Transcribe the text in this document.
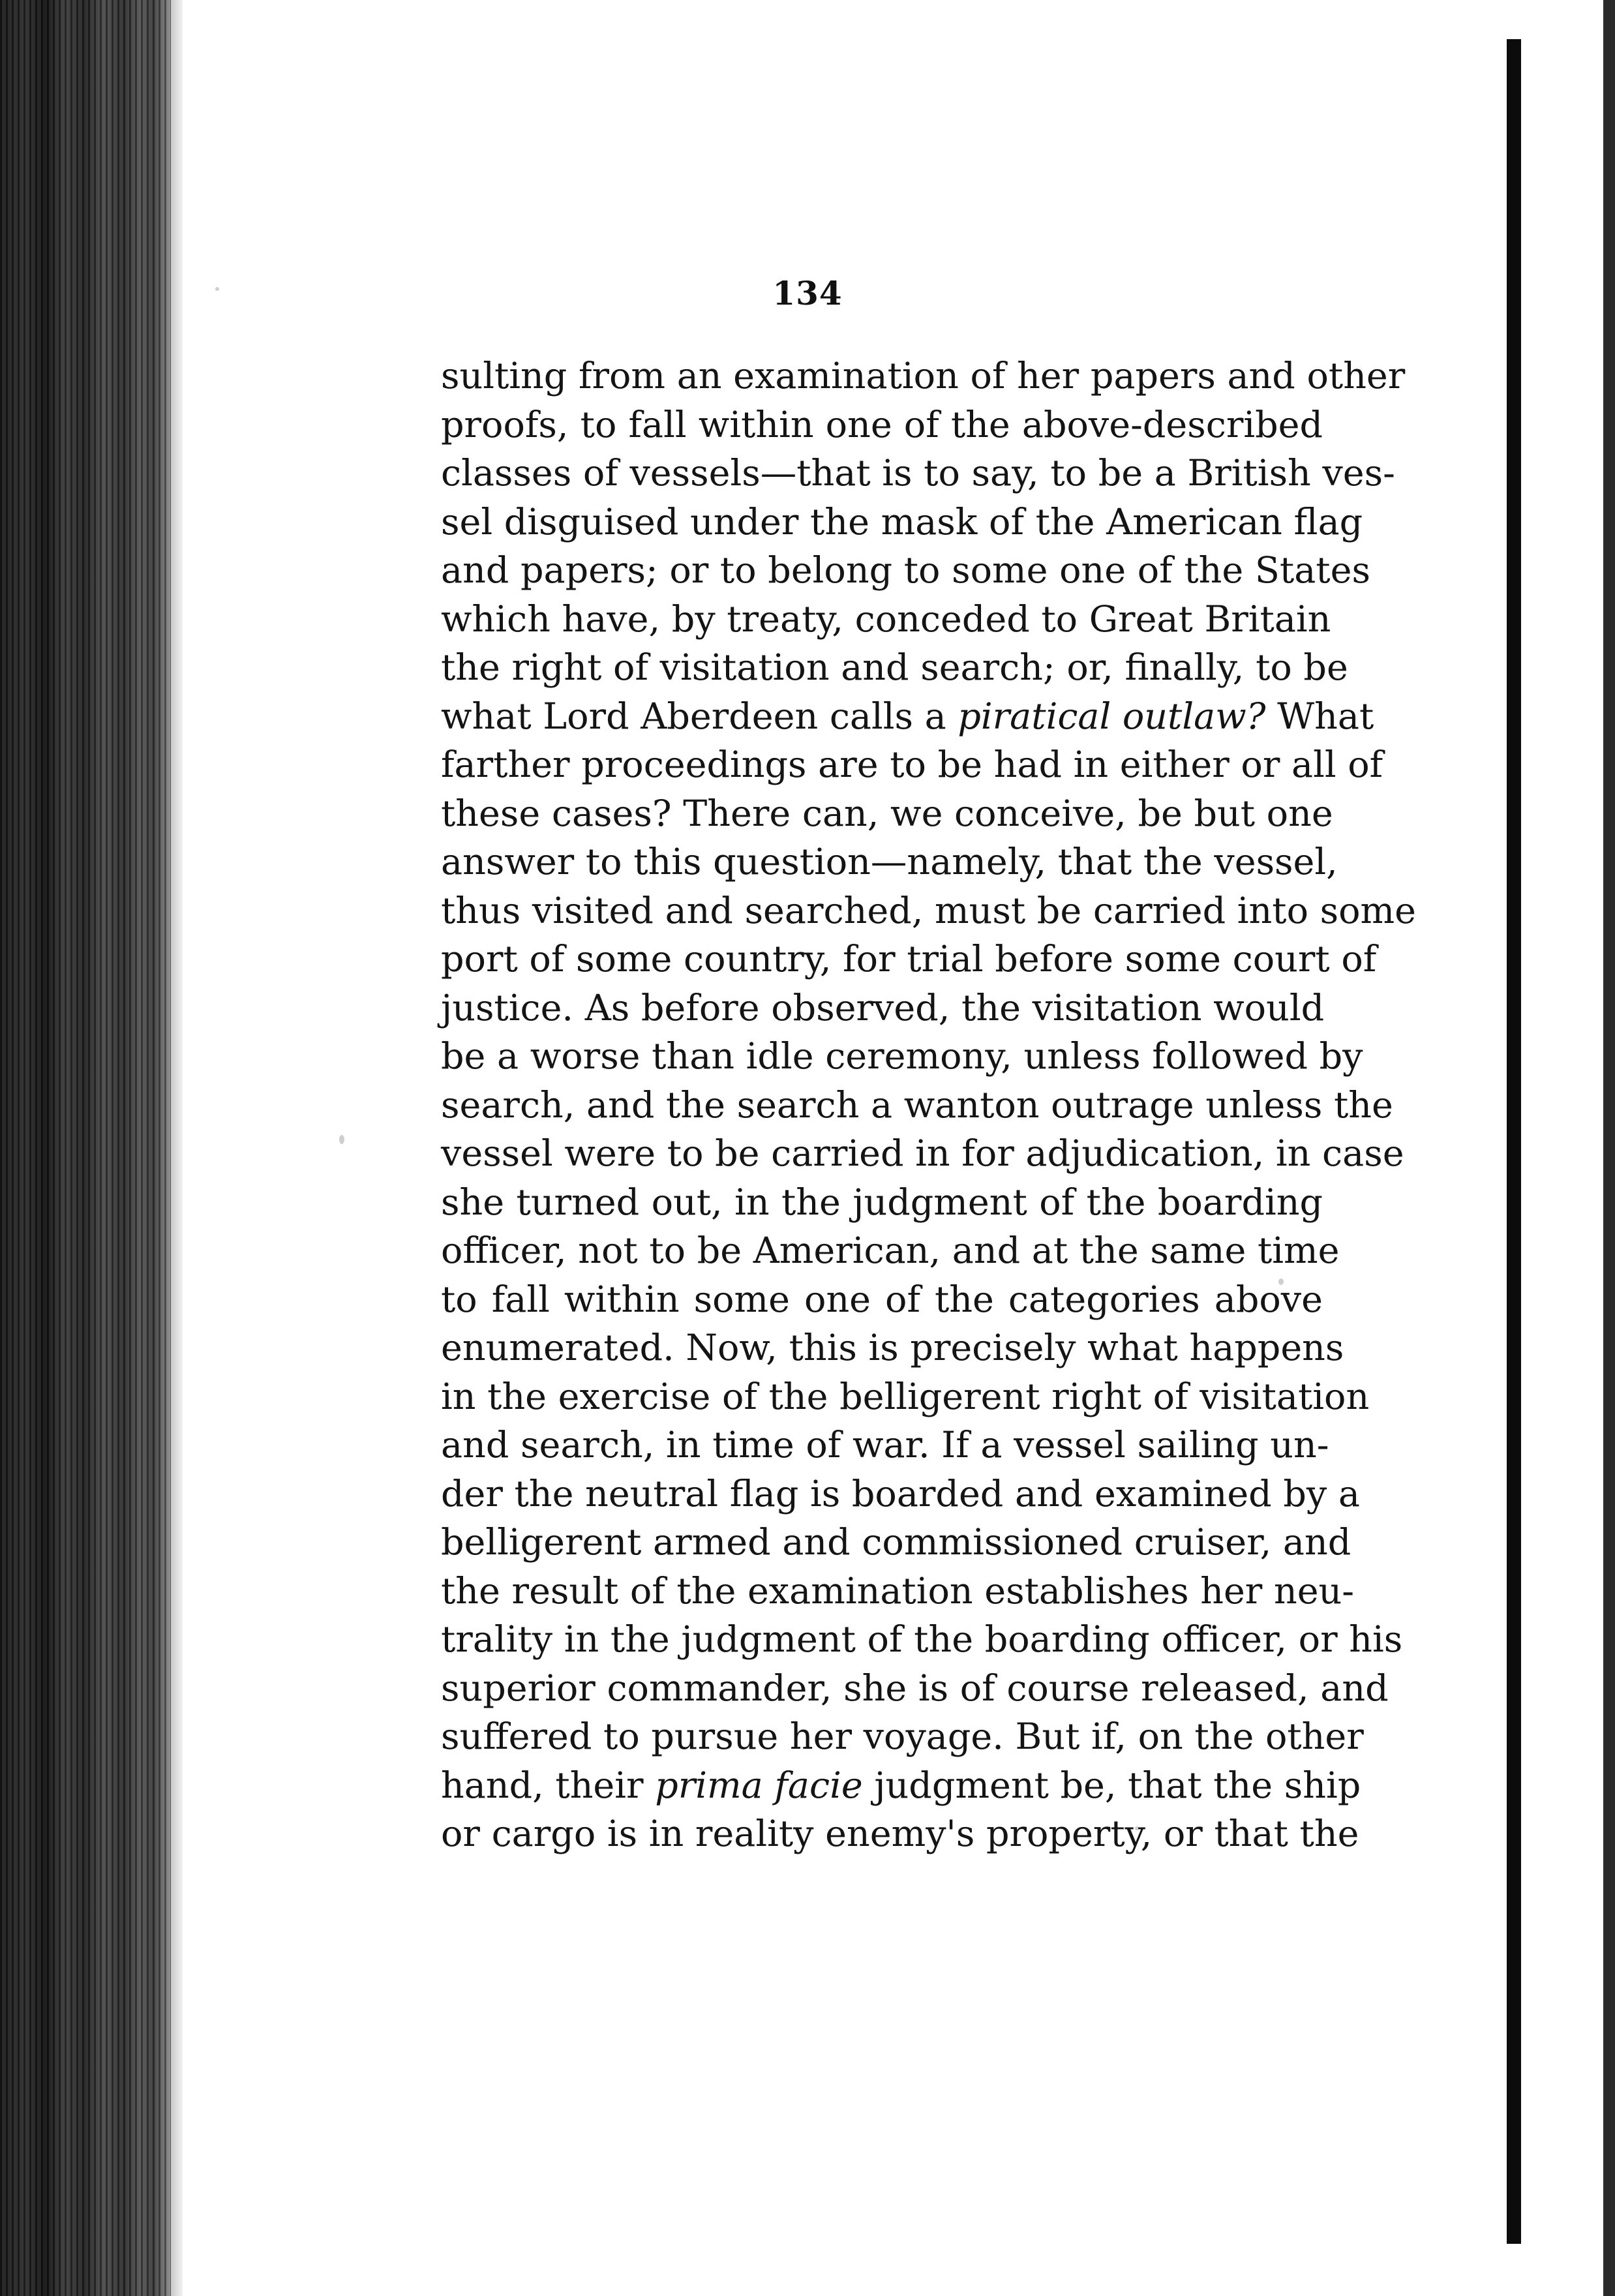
134
sulting from an examination of her papers and other
proofs, to fall within one of the above-described
classes of vessels—that is to say, to be a British ves-
sel disguised under the mask of the American flag
and papers; or to belong to some one of the States
which have, by treaty, conceded to Great Britain
the right of visitation and search; or, finally, to be
what Lord Aberdeen calls a piratical outlaw? What
farther proceedings are to be had in either or all of
these cases? There can, we conceive, be but one
answer to this question—namely, that the vessel,
thus visited and searched, must be carried into some
port of some country, for trial before some court of
justice. As before observed, the visitation would
be a worse than idle ceremony, unless followed by
search, and the search a wanton outrage unless the
vessel were to be carried in for adjudication, in case
she turned out, in the judgment of the boarding
officer, not to be American, and at the same time
to fall within some one of the categories above
enumerated. Now, this is precisely what happens
in the exercise of the belligerent right of visitation
and search, in time of war. If a vessel sailing un-
der the neutral flag is boarded and examined by a
belligerent armed and commissioned cruiser, and
the result of the examination establishes her neu-
trality in the judgment of the boarding officer, or his
superior commander, she is of course released, and
suffered to pursue her voyage. But if, on the other
hand, their prima facie judgment be, that the ship
or cargo is in reality enemy's property, or that the
